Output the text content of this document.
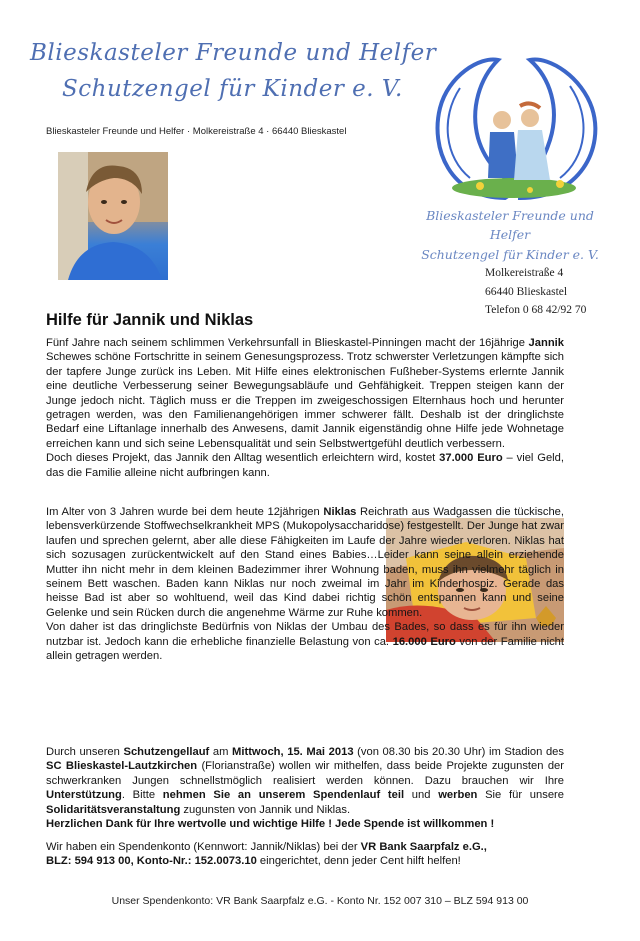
Blieskasteler Freunde und Helfer
Schutzengel für Kinder e. V.
Blieskasteler Freunde und Helfer · Molkereistraße 4 · 66440 Blieskastel
Blieskasteler Freunde und Helfer
Schutzengel für Kinder e. V.
Molkereistraße 4
66440 Blieskastel
Telefon 0 68 42/92 70
Hilfe für Jannik und Niklas
Fünf Jahre nach seinem schlimmen Verkehrsunfall in Blieskastel-Pinningen macht der 16jährige Jannik Schewes schöne Fortschritte in seinem Genesungsprozess. Trotz schwerster Verletzungen kämpfte sich der tapfere Junge zurück ins Leben. Mit Hilfe eines elektronischen Fußheber-Systems erlernte Jannik eine deutliche Verbesserung seiner Bewegungsabläufe und Gehfähigkeit. Treppen steigen kann der Junge jedoch nicht. Täglich muss er die Treppen im zweigeschossigen Elternhaus hoch und herunter getragen werden, was den Familienangehörigen immer schwerer fällt. Deshalb ist der dringlichste Bedarf eine Liftanlage innerhalb des Anwesens, damit Jannik eigenständig ohne Hilfe jede Wohnetage erreichen kann und sich seine Lebensqualität und sein Selbstwertgefühl deutlich verbessern.
Doch dieses Projekt, das Jannik den Alltag wesentlich erleichtern wird, kostet 37.000 Euro – viel Geld, das die Familie alleine nicht aufbringen kann.
Im Alter von 3 Jahren wurde bei dem heute 12jährigen Niklas Reichrath aus Wadgassen die tückische, lebensverkürzende Stoffwechselkrankheit MPS (Mukopolysaccharidose) festgestellt. Der Junge hat zwar laufen und sprechen gelernt, aber alle diese Fähigkeiten im Laufe der Jahre wieder verloren. Niklas hat sich sozusagen zurückentwickelt auf den Stand eines Babies…Leider kann seine allein erziehende Mutter ihn nicht mehr in dem kleinen Badezimmer ihrer Wohnung baden, muss ihn vielmehr täglich in seinem Bett waschen. Baden kann Niklas nur noch zweimal im Jahr im Kinderhospiz. Gerade das heisse Bad ist aber so wohltuend, weil das Kind dabei richtig schön entspannen kann und seine Gelenke und sein Rücken durch die angenehme Wärme zur Ruhe kommen.
Von daher ist das dringlichste Bedürfnis von Niklas der Umbau des Bades, so dass es für ihn wieder nutzbar ist. Jedoch kann die erhebliche finanzielle Belastung von ca. 16.000 Euro von der Familie nicht allein getragen werden.
Durch unseren Schutzengellauf am Mittwoch, 15. Mai 2013 (von 08.30 bis 20.30 Uhr) im Stadion des SC Blieskastel-Lautzkirchen (Florianstraße) wollen wir mithelfen, dass beide Projekte zugunsten der schwerkranken Jungen schnellstmöglich realisiert werden können. Dazu brauchen wir Ihre Unterstützung. Bitte nehmen Sie an unserem Spendenlauf teil und werben Sie für unsere Solidaritätsveranstaltung zugunsten von Jannik und Niklas.
Herzlichen Dank für Ihre wertvolle und wichtige Hilfe ! Jede Spende ist willkommen !
Wir haben ein Spendenkonto (Kennwort: Jannik/Niklas) bei der VR Bank Saarpfalz e.G.,
BLZ: 594 913 00, Konto-Nr.: 152.0073.10 eingerichtet, denn jeder Cent hilft helfen!
Unser Spendenkonto: VR Bank Saarpfalz e.G. - Konto Nr. 152 007 310 – BLZ 594 913 00
